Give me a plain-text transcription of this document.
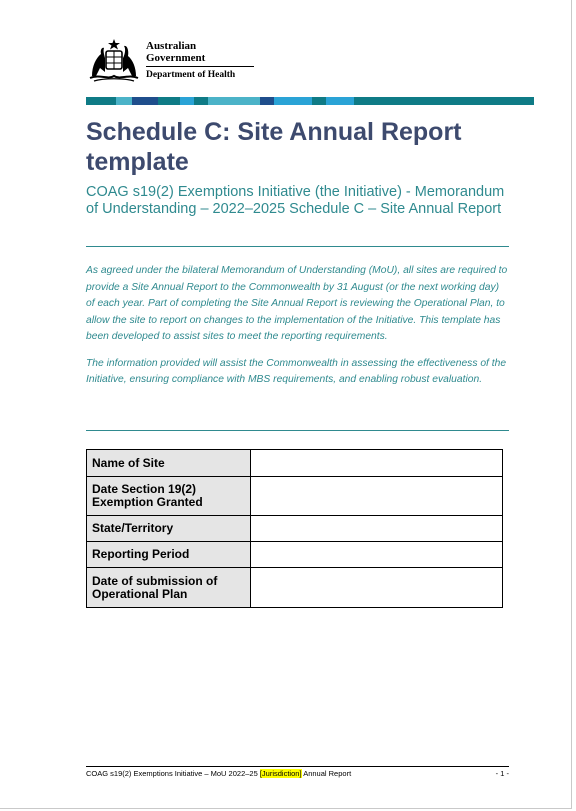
Australian Government
Department of Health
Schedule C: Site Annual Report template
COAG s19(2) Exemptions Initiative (the Initiative) - Memorandum of Understanding – 2022–2025 Schedule C – Site Annual Report

As agreed under the bilateral Memorandum of Understanding (MoU), all sites are required to provide a Site Annual Report to the Commonwealth by 31 August (or the next working day) of each year. Part of completing the Site Annual Report is reviewing the Operational Plan, to allow the site to report on changes to the implementation of the Initiative. This template has been developed to assist sites to meet the reporting requirements.

The information provided will assist the Commonwealth in assessing the effectiveness of the Initiative, ensuring compliance with MBS requirements, and enabling robust evaluation.

Name of Site	
Date Section 19(2) Exemption Granted	
State/Territory	
Reporting Period	
Date of submission of Operational Plan	
COAG s19(2) Exemptions Initiative – MoU 2022–25 [Jurisdiction] Annual Report	- 1 -
